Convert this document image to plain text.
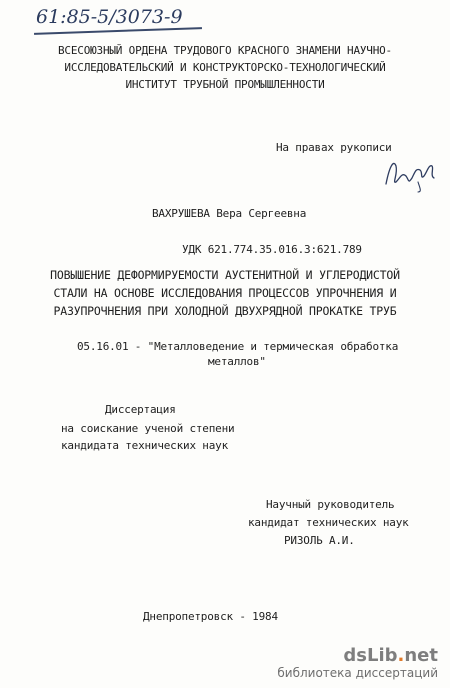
61:85-5/3073-9
ВСЕСОЮЗНЫЙ ОРДЕНА ТРУДОВОГО КРАСНОГО ЗНАМЕНИ НАУЧНО-
ИССЛЕДОВАТЕЛЬСКИЙ И КОНСТРУКТОРСКО-ТЕХНОЛОГИЧЕСКИЙ
ИНСТИТУТ ТРУБНОЙ ПРОМЫШЛЕННОСТИ
На правах рукописи
ВАХРУШЕВА Вера Сергеевна
УДК 621.774.35.016.3:621.789
ПОВЫШЕНИЕ ДЕФОРМИРУЕМОСТИ АУСТЕНИТНОЙ И УГЛЕРОДИСТОЙ
СТАЛИ НА ОСНОВЕ ИССЛЕДОВАНИЯ ПРОЦЕССОВ УПРОЧНЕНИЯ И
РАЗУПРОЧНЕНИЯ ПРИ ХОЛОДНОЙ ДВУХРЯДНОЙ ПРОКАТКЕ ТРУБ
05.16.01 - "Металловедение и термическая обработка
металлов"
Диссертация
на соискание ученой степени
кандидата технических наук
Научный руководитель
кандидат технических наук
РИЗОЛЬ А.И.
Днепропетровск - 1984
dsLib.net
библиотека диссертаций
